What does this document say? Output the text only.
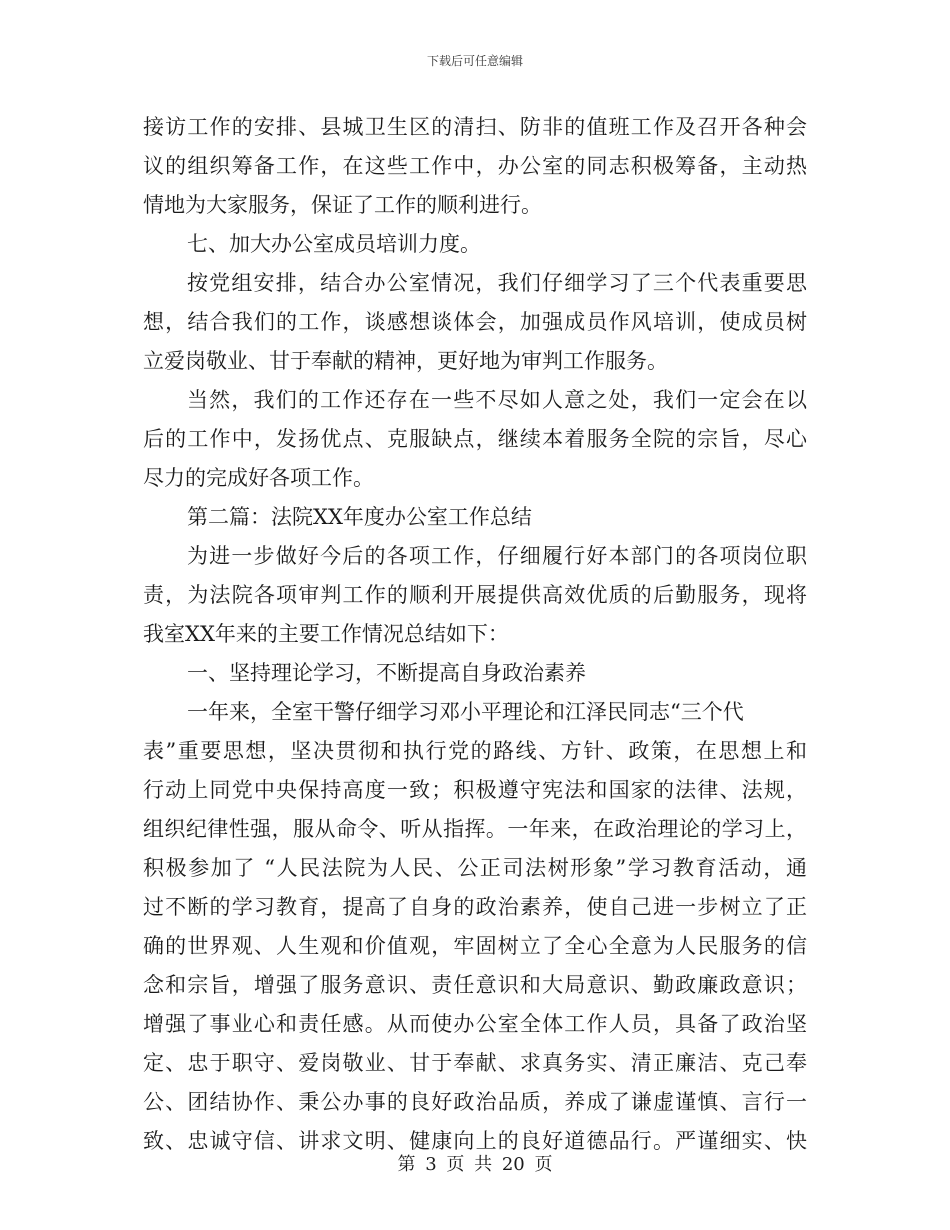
下载后可任意编辑
接访工作的安排、县城卫生区的清扫、防非的值班工作及召开各种会
议的组织筹备工作，在这些工作中，办公室的同志积极筹备，主动热
情地为大家服务，保证了工作的顺利进行。
七、加大办公室成员培训力度。
按党组安排，结合办公室情况，我们仔细学习了三个代表重要思
想，结合我们的工作，谈感想谈体会，加强成员作风培训，使成员树
立爱岗敬业、甘于奉献的精神，更好地为审判工作服务。
当然，我们的工作还存在一些不尽如人意之处，我们一定会在以
后的工作中，发扬优点、克服缺点，继续本着服务全院的宗旨，尽心
尽力的完成好各项工作。
第二篇：法院XX年度办公室工作总结
为进一步做好今后的各项工作，仔细履行好本部门的各项岗位职
责，为法院各项审判工作的顺利开展提供高效优质的后勤服务，现将
我室XX年来的主要工作情况总结如下：
一、坚持理论学习，不断提高自身政治素养
一年来，全室干警仔细学习邓小平理论和江泽民同志“三个代
表”重要思想，坚决贯彻和执行党的路线、方针、政策，在思想上和
行动上同党中央保持高度一致；积极遵守宪法和国家的法律、法规，
组织纪律性强，服从命令、听从指挥。一年来，在政治理论的学习上，
积极参加了 “人民法院为人民、公正司法树形象”学习教育活动，通
过不断的学习教育，提高了自身的政治素养，使自己进一步树立了正
确的世界观、人生观和价值观，牢固树立了全心全意为人民服务的信
念和宗旨，增强了服务意识、责任意识和大局意识、勤政廉政意识；
增强了事业心和责任感。从而使办公室全体工作人员，具备了政治坚
定、忠于职守、爱岗敬业、甘于奉献、求真务实、清正廉洁、克己奉
公、团结协作、秉公办事的良好政治品质，养成了谦虚谨慎、言行一
致、忠诚守信、讲求文明、健康向上的良好道德品行。严谨细实、快
第 3 页 共 20 页
